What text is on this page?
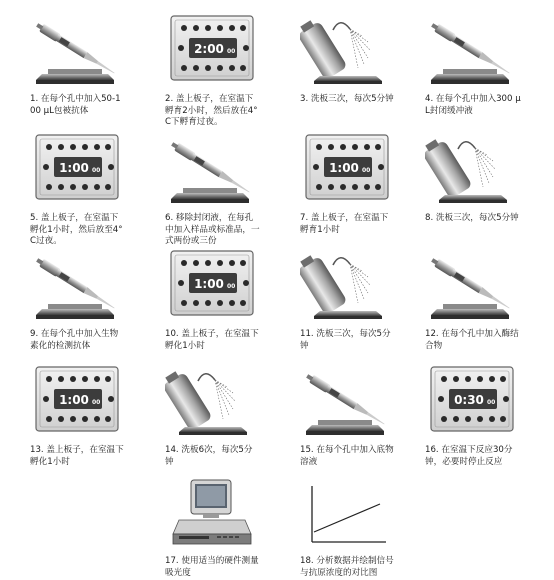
1. 在每个孔中加入50-100 µL包被抗体
2:00 00
2. 盖上板子，在室温下孵育2小时，然后放在4°C下孵育过夜。
3. 洗板三次，每次5分钟	4. 在每个孔中加入300 µL封闭缓冲液
1:00 00
5. 盖上板子，在室温下孵化1小时，然后放至4°C过夜。
6. 移除封闭液，在每孔中加入样品或标准品，一式两份或三份
1:00 00
7. 盖上板子，在室温下孵育1小时
8. 洗板三次，每次5分钟
9. 在每个孔中加入生物素化的检测抗体
1:00 00
10. 盖上板子，在室温下孵化1小时
11. 洗板三次，每次5分钟
12. 在每个孔中加入酶结合物
1:00 00
13. 盖上板子，在室温下孵化1小时
14. 洗板6次，每次5分钟
15. 在每个孔中加入底物溶液
0:30 00
16. 在室温下反应30分钟，必要时停止反应
17. 使用适当的硬件测量吸光度
18. 分析数据并绘制信号与抗原浓度的对比图
